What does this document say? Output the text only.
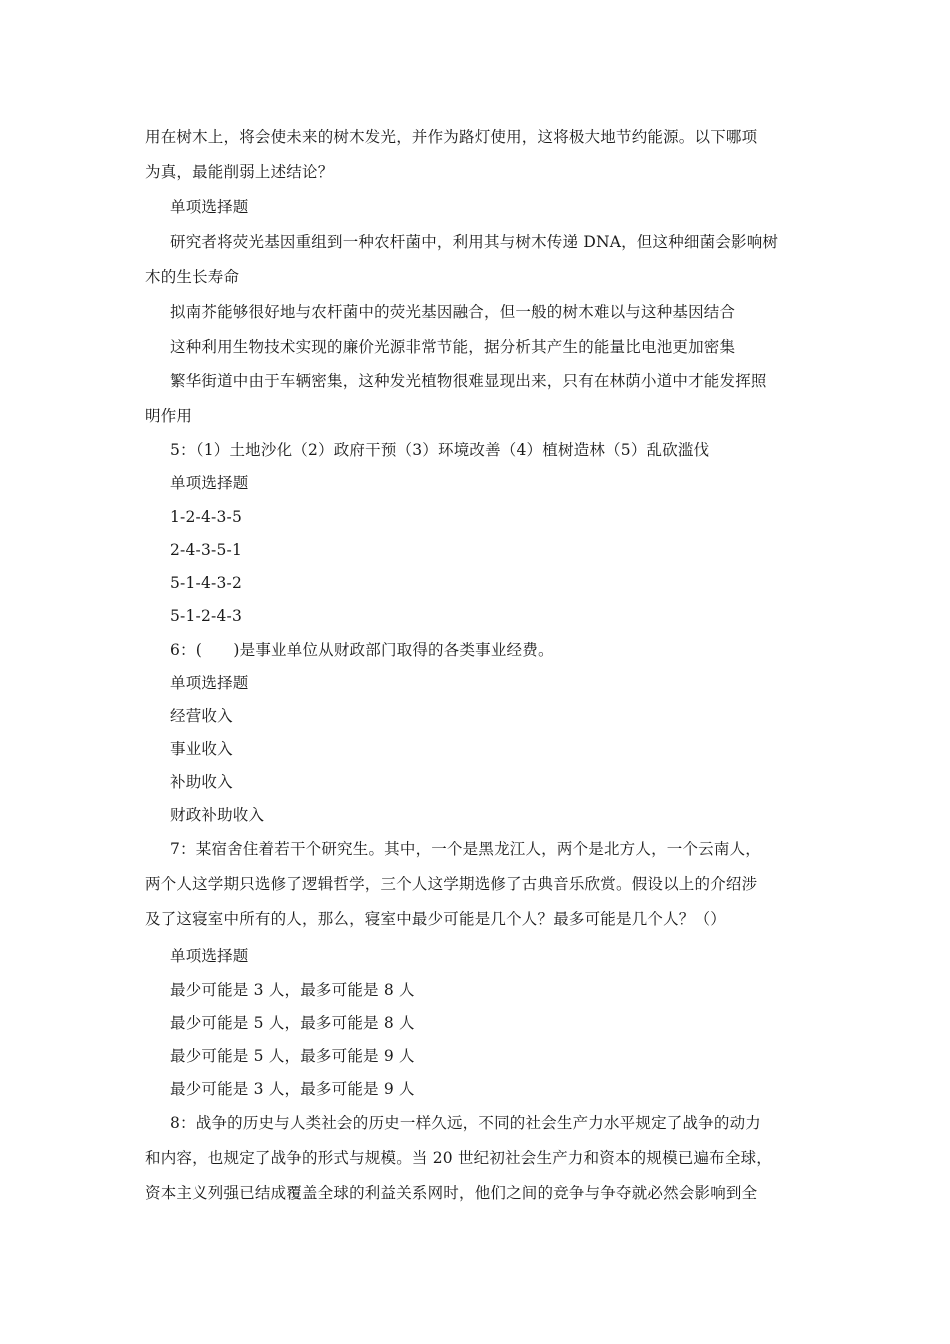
用在树木上，将会使未来的树木发光，并作为路灯使用，这将极大地节约能源。以下哪项
为真，最能削弱上述结论？
单项选择题
研究者将荧光基因重组到一种农杆菌中，利用其与树木传递 DNA，但这种细菌会影响树
木的生长寿命
拟南芥能够很好地与农杆菌中的荧光基因融合，但一般的树木难以与这种基因结合
这种利用生物技术实现的廉价光源非常节能，据分析其产生的能量比电池更加密集
繁华街道中由于车辆密集，这种发光植物很难显现出来，只有在林荫小道中才能发挥照
明作用
5：（1）土地沙化（2）政府干预（3）环境改善（4）植树造林（5）乱砍滥伐
单项选择题
1-2-4-3-5
2-4-3-5-1
5-1-4-3-2
5-1-2-4-3
6：(　　)是事业单位从财政部门取得的各类事业经费。
单项选择题
经营收入
事业收入
补助收入
财政补助收入
7：某宿舍住着若干个研究生。其中，一个是黑龙江人，两个是北方人，一个云南人，
两个人这学期只选修了逻辑哲学，三个人这学期选修了古典音乐欣赏。假设以上的介绍涉
及了这寝室中所有的人，那么，寝室中最少可能是几个人？最多可能是几个人？（）
单项选择题
最少可能是 3 人，最多可能是 8 人
最少可能是 5 人，最多可能是 8 人
最少可能是 5 人，最多可能是 9 人
最少可能是 3 人，最多可能是 9 人
8：战争的历史与人类社会的历史一样久远，不同的社会生产力水平规定了战争的动力
和内容，也规定了战争的形式与规模。当 20 世纪初社会生产力和资本的规模已遍布全球，
资本主义列强已结成覆盖全球的利益关系网时，他们之间的竞争与争夺就必然会影响到全
